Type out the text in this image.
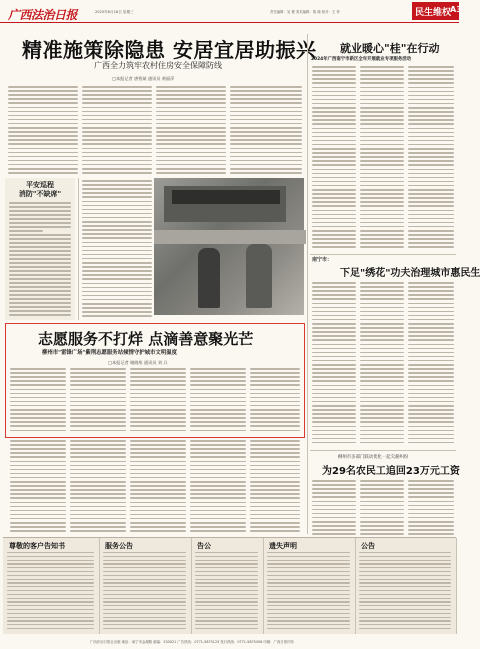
广西法治日报	2025年6月18日 星期三	责任编辑：吴 捷 美术编辑：陈 瑜 校对：王 菲	民生维权
A3
精准施策除隐患 安居宜居助振兴
广西全力筑牢农村住房安全保障防线
□本报记者 唐智斌 通讯员 黄丽萍
平安巡程
消防"不缺席"
就业暖心"桂"在行动
2024年广西南宁市新区全年开展就业专项服务活动
南宁市：
下足"绣花"功夫治理城市惠民生
柳州市多部门联动优化一起欠薪纠纷
为29名农民工追回23万元工资
志愿服务不打烊 点滴善意聚光芒
柳州市"雷锋广场"紫荆志愿服务站倾情守护城市文明温度
□本报记者 谢晓彤 通讯员 刘 兵
尊敬的客户告知书	服务公告	告公	遗失声明	公告
广西法治日报社出版 地址：南宁市金湖路 邮编：530021 广告热线：0771-5875123 发行热线：0771-5875456 印刷：广西日报印务
